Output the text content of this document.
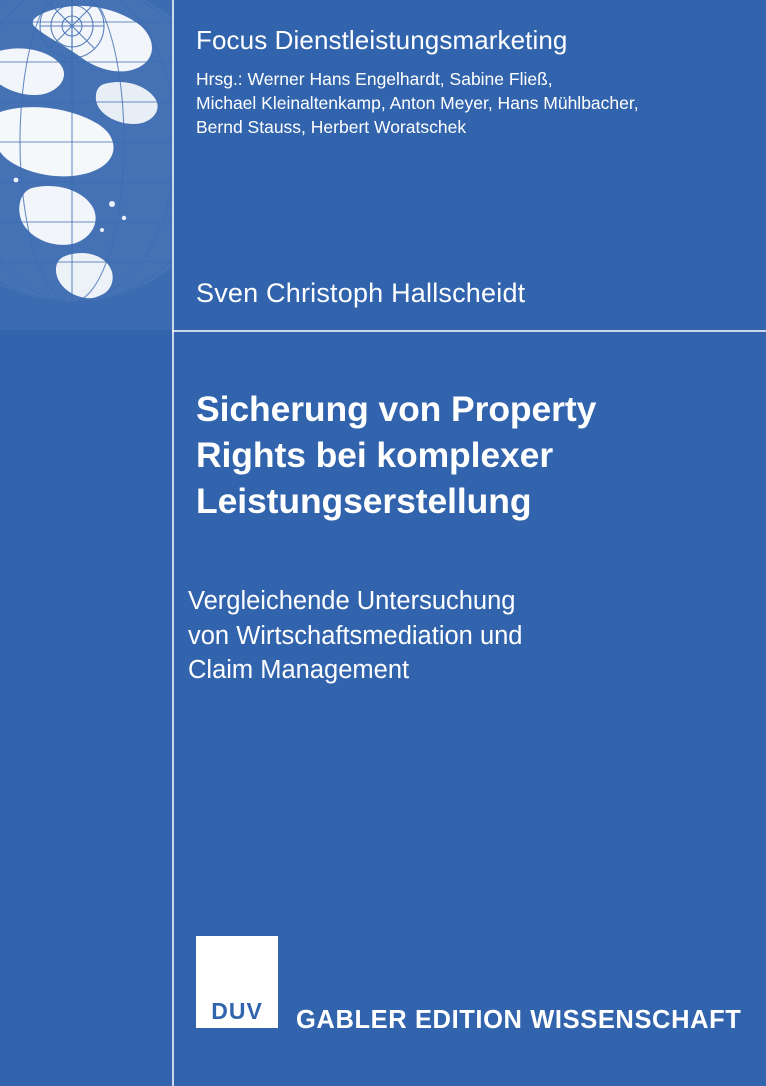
Focus Dienstleistungsmarketing
Hrsg.: Werner Hans Engelhardt, Sabine Fließ,
Michael Kleinaltenkamp, Anton Meyer, Hans Mühlbacher,
Bernd Stauss, Herbert Woratschek
Sven Christoph Hallscheidt
Sicherung von Property
Rights bei komplexer
Leistungserstellung
Vergleichende Untersuchung
von Wirtschaftsmediation und
Claim Management
DUV	GABLER EDITION WISSENSCHAFT
